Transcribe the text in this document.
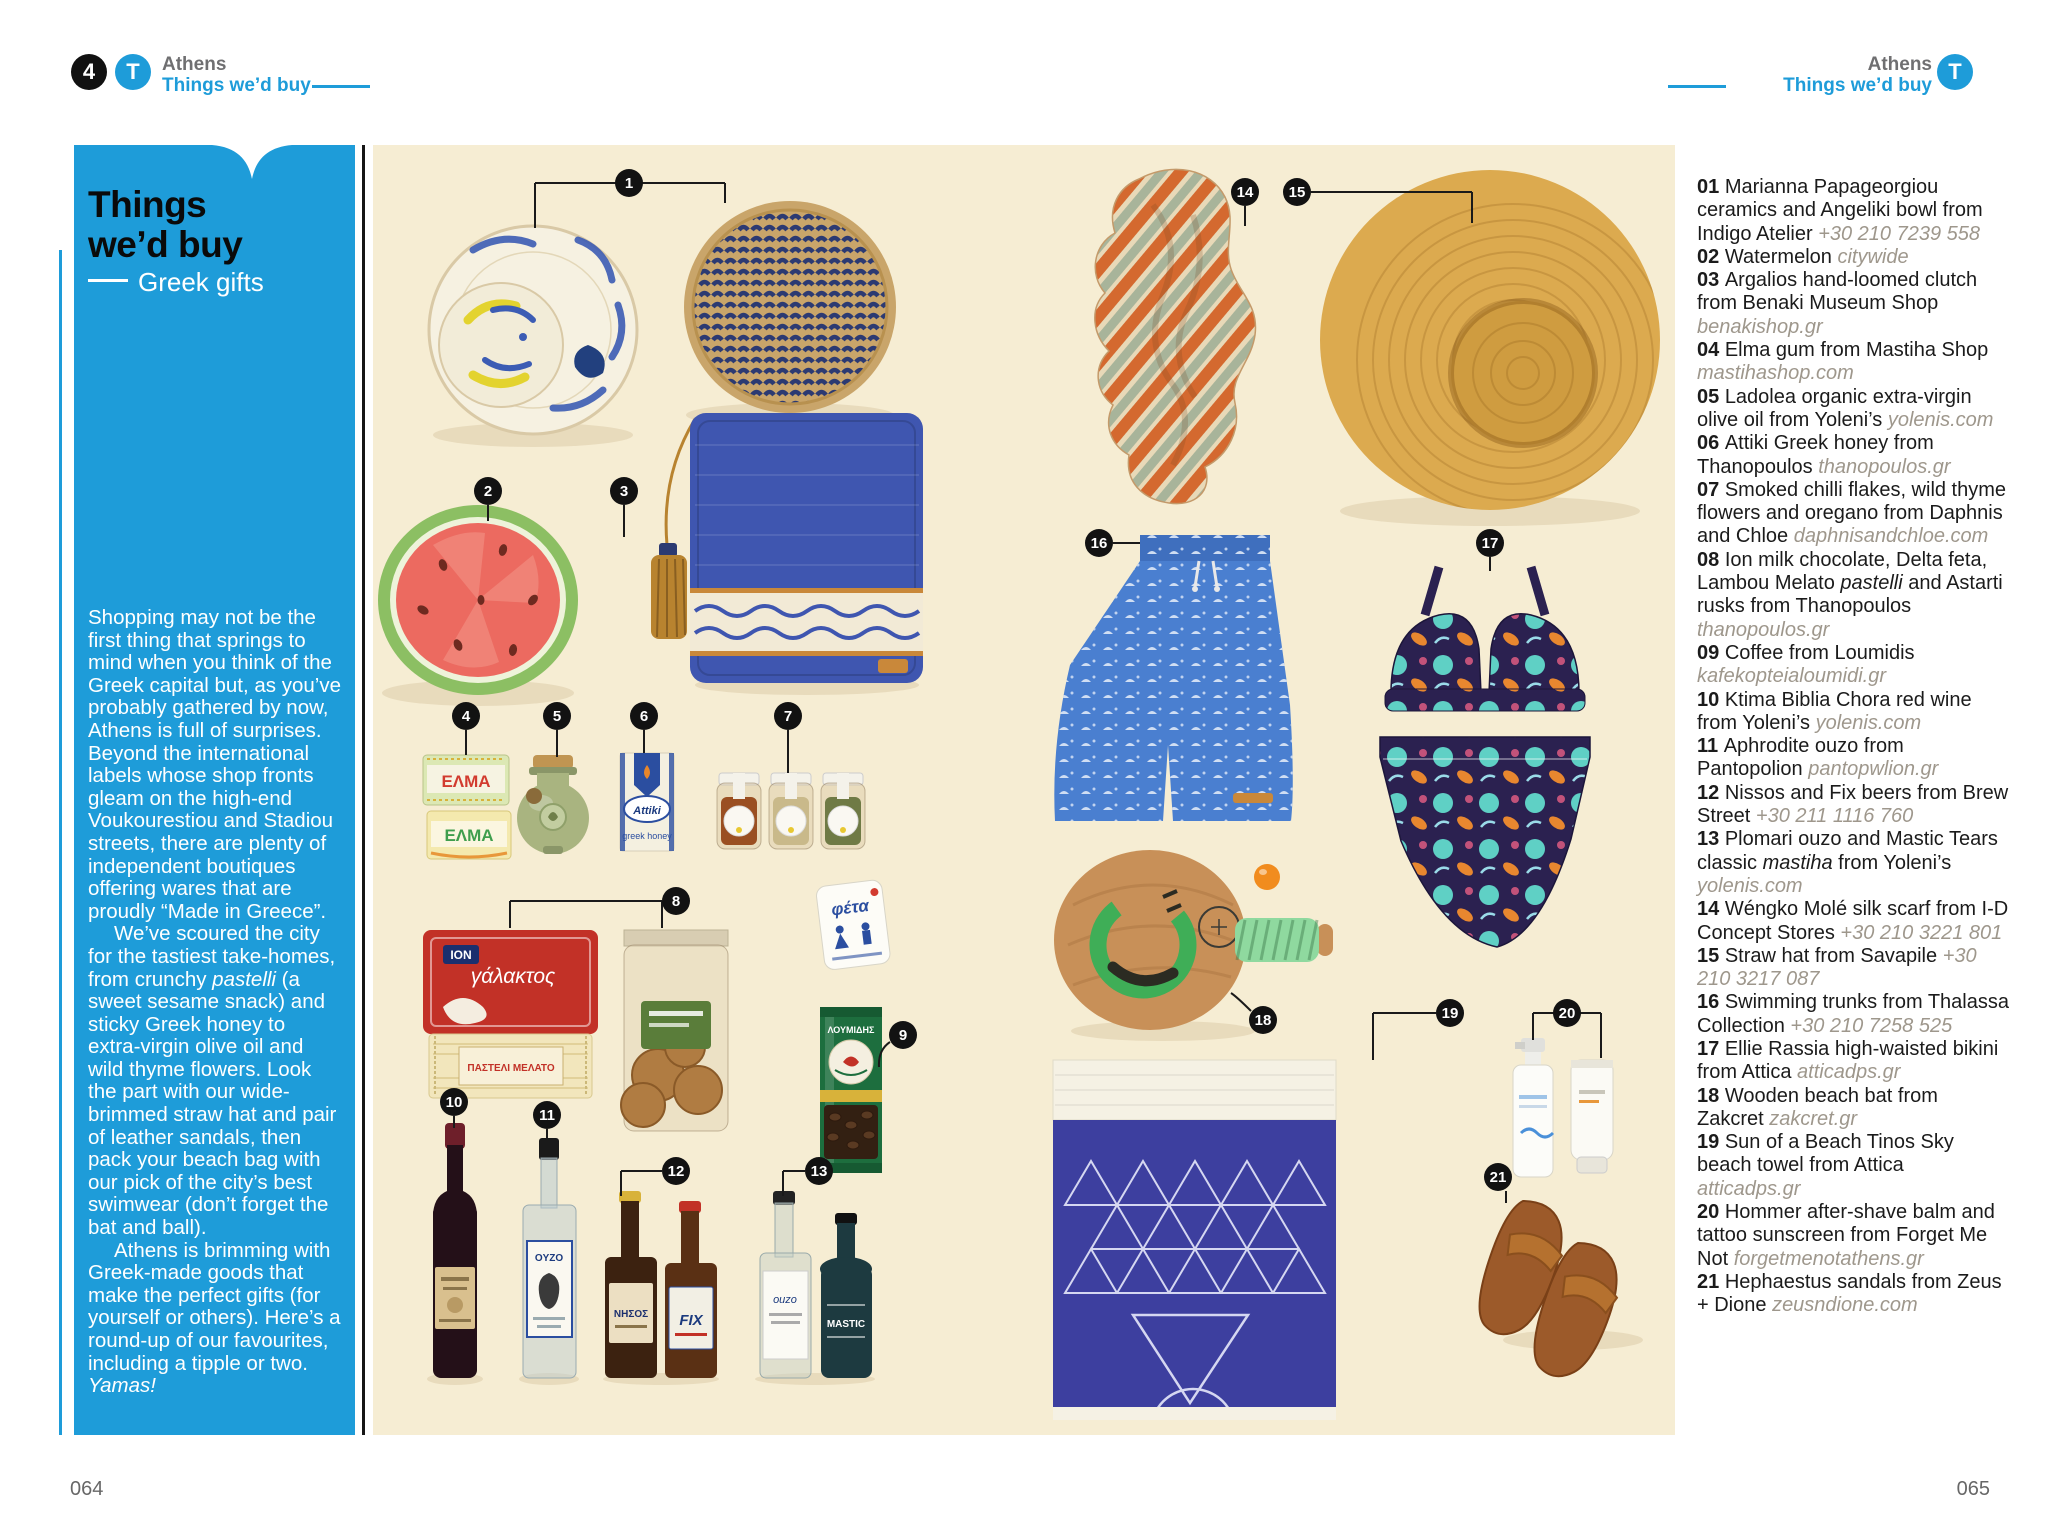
4	T	Athens
Things we’d buy
Athens
Things we’d buy
T
Things
we’d buy
Greek gifts

Shopping may not be the first thing that springs to mind when you think of the Greek capital but, as you’ve probably gathered by now, Athens is full of surprises. Beyond the international labels whose shop fronts gleam on the high-end Voukourestiou and Stadiou streets, there are plenty of independent boutiques offering wares that are proudly “Made in Greece”.

We’ve scoured the city for the tastiest take-homes, from crunchy pastelli (a sweet sesame snack) and sticky Greek honey to extra-virgin olive oil and wild thyme flowers. Look the part with our wide-brimmed straw hat and pair of leather sandals, then pack your beach bag with our pick of the city’s best swimwear (don’t forget the bat and ball).

Athens is brimming with Greek-made goods that make the perfect gifts (for yourself or others). Here’s a round-up of our favourites, including a tipple or two. Yamas!

ΕΛΜΑ
ΕΛΜΑ
Attiki
greek honey
γάλακτος
ION
ΠΑΣΤΕΛΙ ΜΕΛΑΤΟ
φέτα
ΛΟΥΜΙΔΗΣ
OYZO
ΝΗΣΟΣ FIX
ouzo
MASTIC
1
2	3
4	5	6	7
8
9
10
11
12	13
14	15
16	17
18	19	20
21
01 Marianna Papageorgiou ceramics and Angeliki bowl from Indigo Atelier +30 210 7239 558
02 Watermelon citywide
03 Argalios hand-loomed clutch from Benaki Museum Shop benakishop.gr
04 Elma gum from Mastiha Shop mastihashop.com
05 Ladolea organic extra-virgin olive oil from Yoleni’s yolenis.com
06 Attiki Greek honey from Thanopoulos thanopoulos.gr
07 Smoked chilli flakes, wild thyme flowers and oregano from Daphnis and Chloe daphnisandchloe.com
08 Ion milk chocolate, Delta feta, Lambou Melato pastelli and Astarti rusks from Thanopoulos thanopoulos.gr
09 Coffee from Loumidis kafekopteialoumidi.gr
10 Ktima Biblia Chora red wine from Yoleni’s yolenis.com
11 Aphrodite ouzo from Pantopolion pantopwlion.gr
12 Nissos and Fix beers from Brew Street +30 211 1116 760
13 Plomari ouzo and Mastic Tears classic mastiha from Yoleni’s yolenis.com
14 Wéngko Molé silk scarf from I-D Concept Stores +30 210 3221 801
15 Straw hat from Savapile +30 210 3217 087
16 Swimming trunks from Thalassa Collection +30 210 7258 525
17 Ellie Rassia high-waisted bikini from Attica atticadps.gr
18 Wooden beach bat from Zakcret zakcret.gr
19 Sun of a Beach Tinos Sky beach towel from Attica atticadps.gr
20 Hommer after-shave balm and tattoo sunscreen from Forget Me Not forgetmenotathens.gr
21 Hephaestus sandals from Zeus + Dione zeusndione.com
064	065
